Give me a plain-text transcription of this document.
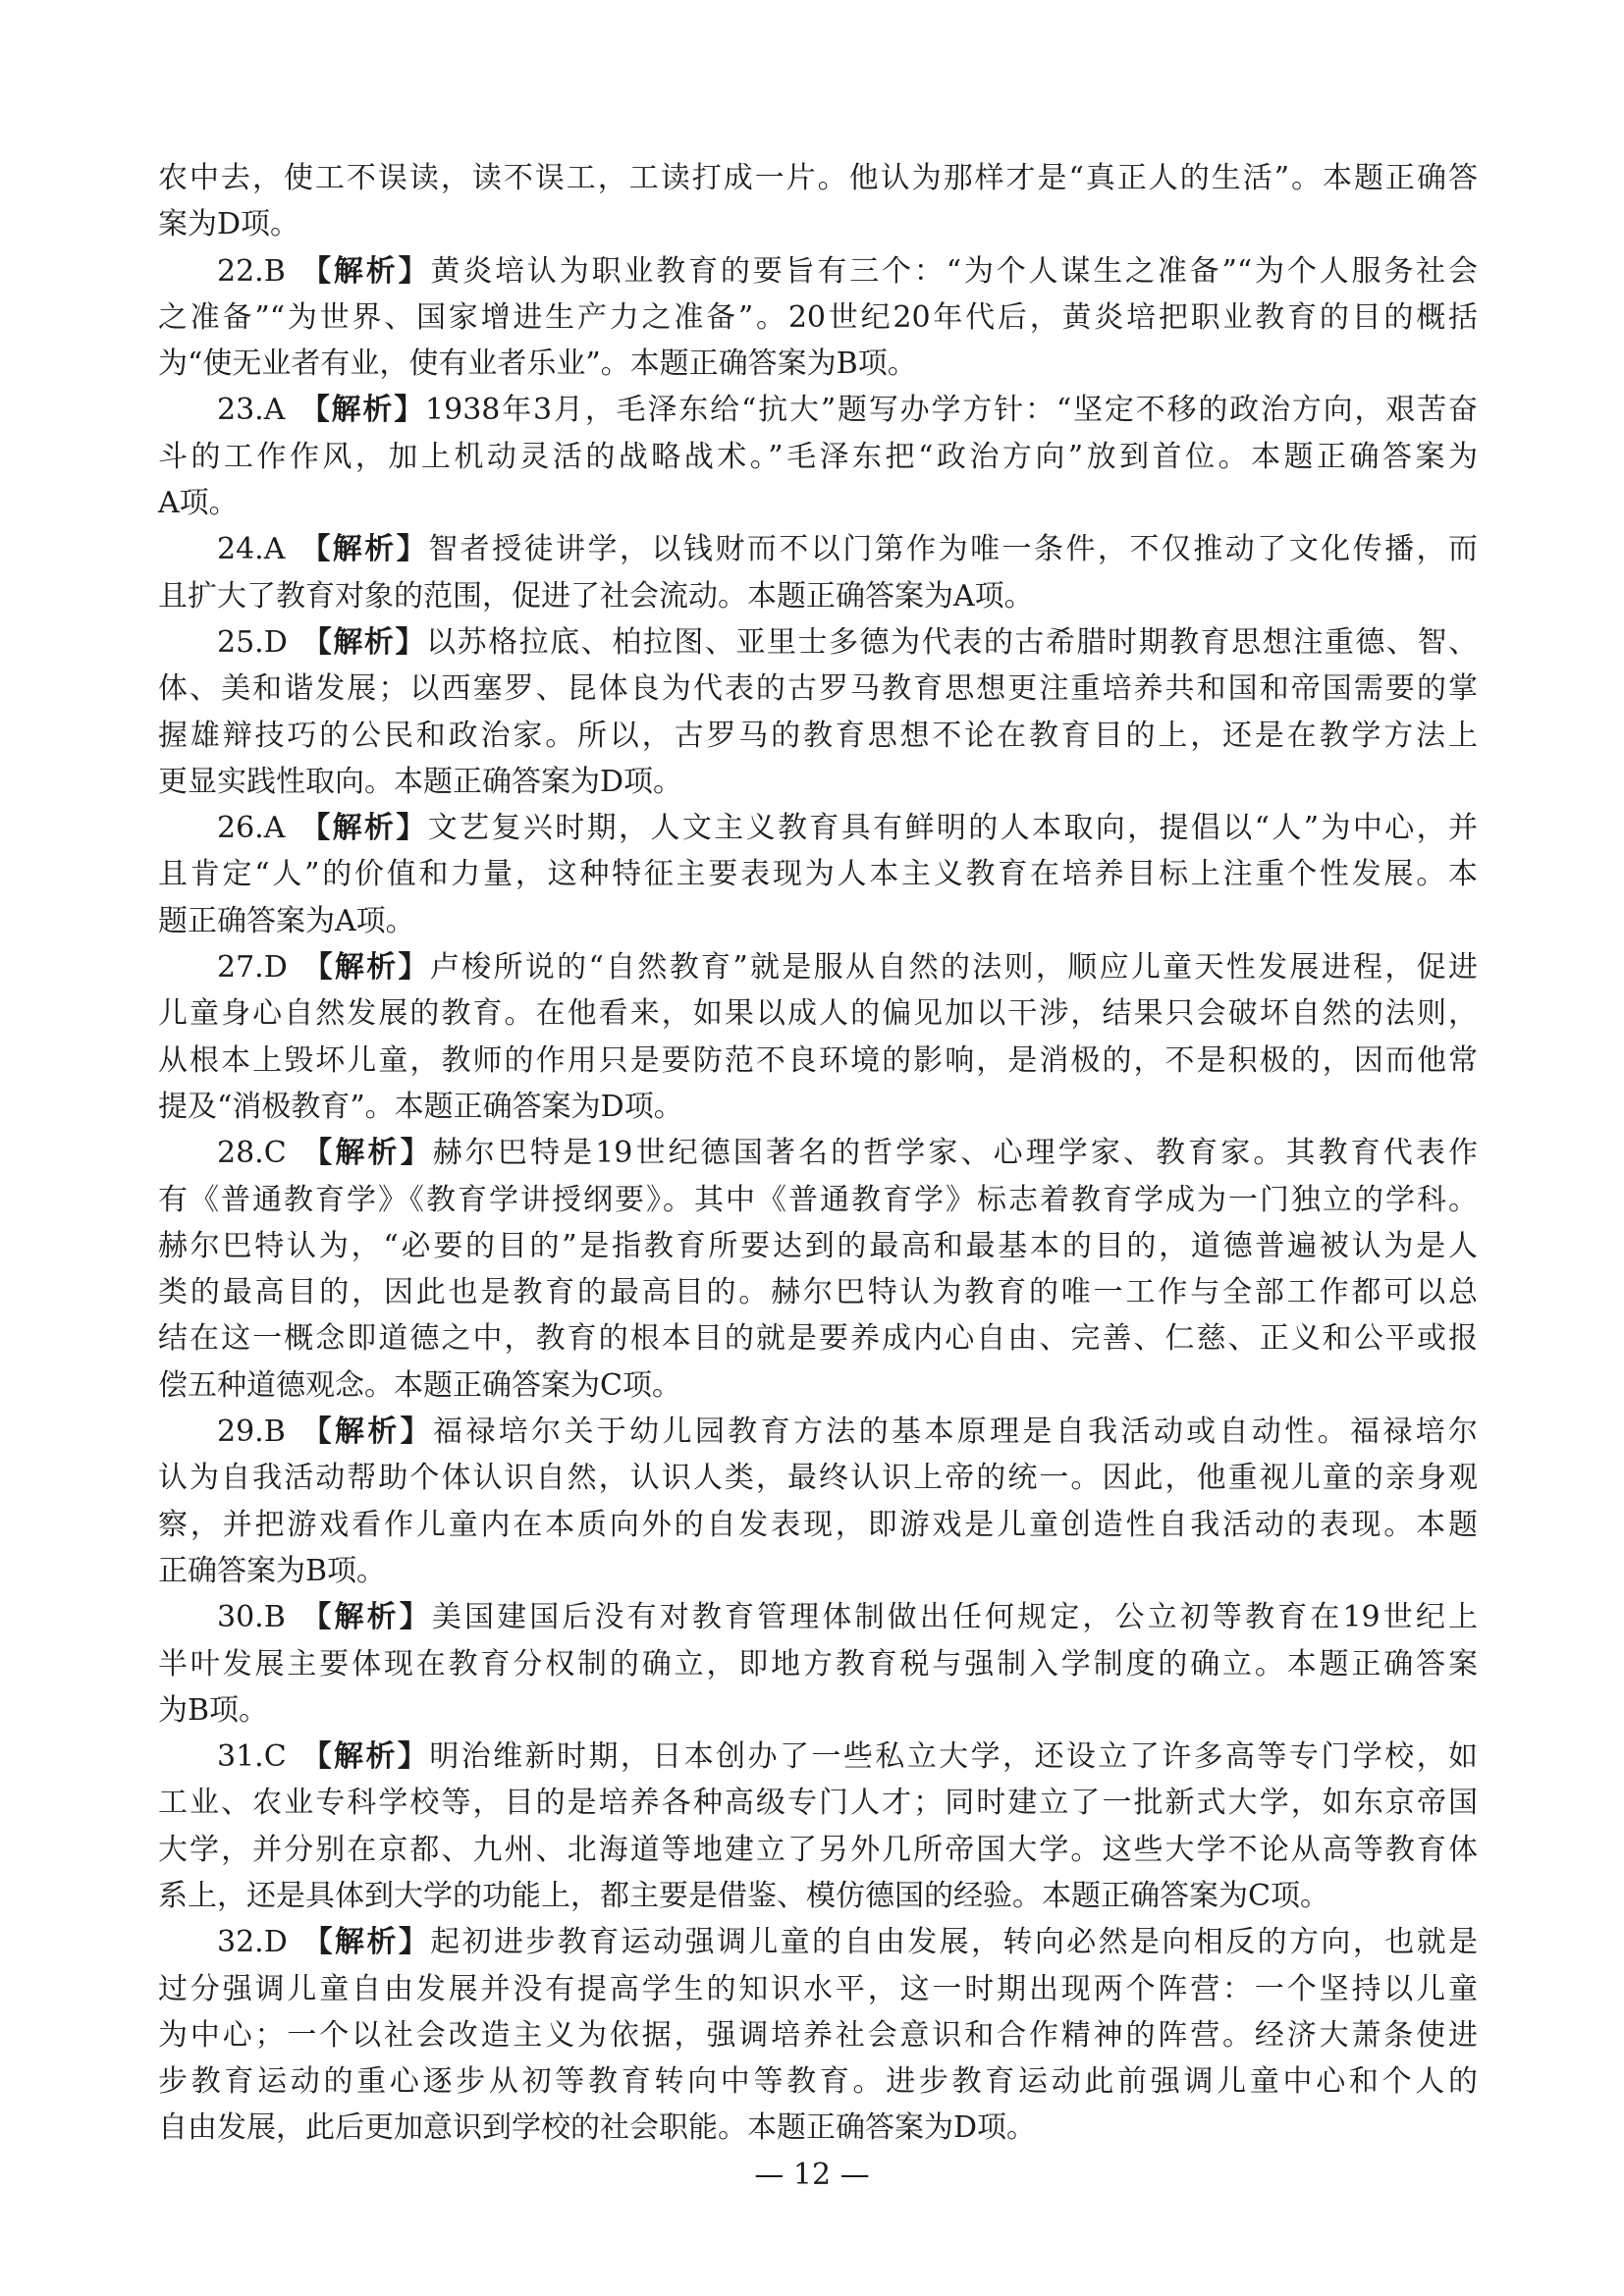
农中去，使工不误读，读不误工，工读打成一片。他认为那样才是“真正人的生活”。本题正确答
案为D项。
22.B 【解析】黄炎培认为职业教育的要旨有三个：“为个人谋生之准备”“为个人服务社会
之准备”“为世界、国家增进生产力之准备”。20世纪20年代后，黄炎培把职业教育的目的概括
为“使无业者有业，使有业者乐业”。本题正确答案为B项。
23.A 【解析】1938年3月，毛泽东给“抗大”题写办学方针：“坚定不移的政治方向，艰苦奋
斗的工作作风，加上机动灵活的战略战术。”毛泽东把“政治方向”放到首位。本题正确答案为
A项。
24.A 【解析】智者授徒讲学，以钱财而不以门第作为唯一条件，不仅推动了文化传播，而
且扩大了教育对象的范围，促进了社会流动。本题正确答案为A项。
25.D 【解析】以苏格拉底、柏拉图、亚里士多德为代表的古希腊时期教育思想注重德、智、
体、美和谐发展；以西塞罗、昆体良为代表的古罗马教育思想更注重培养共和国和帝国需要的掌
握雄辩技巧的公民和政治家。所以，古罗马的教育思想不论在教育目的上，还是在教学方法上
更显实践性取向。本题正确答案为D项。
26.A 【解析】文艺复兴时期，人文主义教育具有鲜明的人本取向，提倡以“人”为中心，并
且肯定“人”的价值和力量，这种特征主要表现为人本主义教育在培养目标上注重个性发展。本
题正确答案为A项。
27.D 【解析】卢梭所说的“自然教育”就是服从自然的法则，顺应儿童天性发展进程，促进
儿童身心自然发展的教育。在他看来，如果以成人的偏见加以干涉，结果只会破坏自然的法则，
从根本上毁坏儿童，教师的作用只是要防范不良环境的影响，是消极的，不是积极的，因而他常
提及“消极教育”。本题正确答案为D项。
28.C 【解析】赫尔巴特是19世纪德国著名的哲学家、心理学家、教育家。其教育代表作
有《普通教育学》《教育学讲授纲要》。其中《普通教育学》标志着教育学成为一门独立的学科。
赫尔巴特认为，“必要的目的”是指教育所要达到的最高和最基本的目的，道德普遍被认为是人
类的最高目的，因此也是教育的最高目的。赫尔巴特认为教育的唯一工作与全部工作都可以总
结在这一概念即道德之中，教育的根本目的就是要养成内心自由、完善、仁慈、正义和公平或报
偿五种道德观念。本题正确答案为C项。
29.B 【解析】福禄培尔关于幼儿园教育方法的基本原理是自我活动或自动性。福禄培尔
认为自我活动帮助个体认识自然，认识人类，最终认识上帝的统一。因此，他重视儿童的亲身观
察，并把游戏看作儿童内在本质向外的自发表现，即游戏是儿童创造性自我活动的表现。本题
正确答案为B项。
30.B 【解析】美国建国后没有对教育管理体制做出任何规定，公立初等教育在19世纪上
半叶发展主要体现在教育分权制的确立，即地方教育税与强制入学制度的确立。本题正确答案
为B项。
31.C 【解析】明治维新时期，日本创办了一些私立大学，还设立了许多高等专门学校，如
工业、农业专科学校等，目的是培养各种高级专门人才；同时建立了一批新式大学，如东京帝国
大学，并分别在京都、九州、北海道等地建立了另外几所帝国大学。这些大学不论从高等教育体
系上，还是具体到大学的功能上，都主要是借鉴、模仿德国的经验。本题正确答案为C项。
32.D 【解析】起初进步教育运动强调儿童的自由发展，转向必然是向相反的方向，也就是
过分强调儿童自由发展并没有提高学生的知识水平，这一时期出现两个阵营：一个坚持以儿童
为中心；一个以社会改造主义为依据，强调培养社会意识和合作精神的阵营。经济大萧条使进
步教育运动的重心逐步从初等教育转向中等教育。进步教育运动此前强调儿童中心和个人的
自由发展，此后更加意识到学校的社会职能。本题正确答案为D项。
— 12 —
